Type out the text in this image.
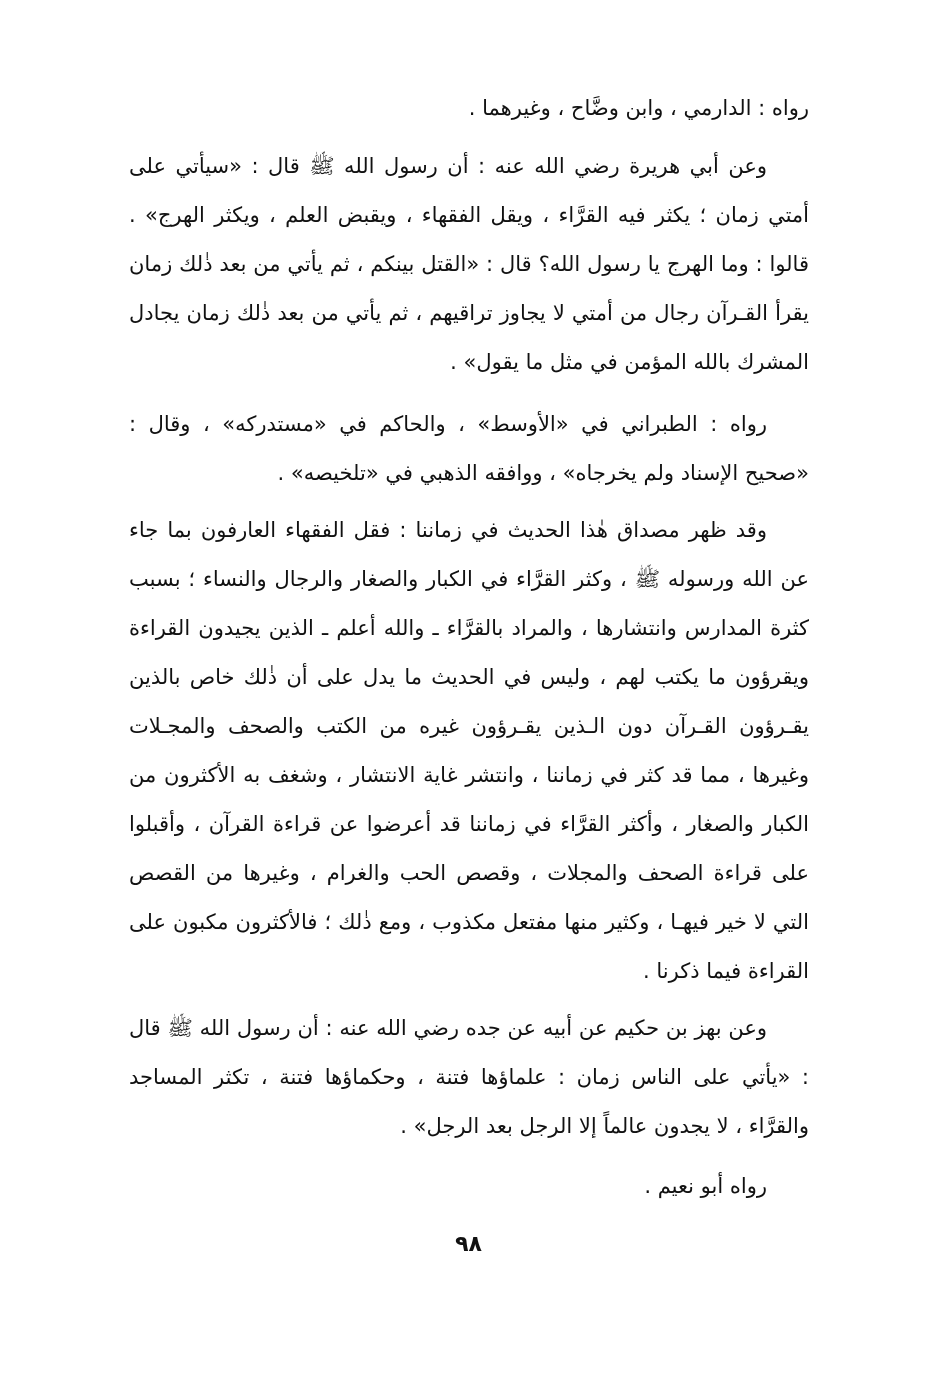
رواه : الدارمي ، وابن وضَّاح ، وغيرهما .

وعن أبي هريرة رضي الله عنه : أن رسول الله ﷺ قال : «سيأتي على أمتي زمان ؛ يكثر فيه القرَّاء ، ويقل الفقهاء ، ويقبض العلم ، ويكثر الهرج» . قالوا : وما الهرج يا رسول الله؟ قال : «القتل بينكم ، ثم يأتي من بعد ذٰلك زمان يقرأ القـرآن رجال من أمتي لا يجاوز تراقيهم ، ثم يأتي من بعد ذٰلك زمان يجادل المشرك بالله المؤمن في مثل ما يقول» .

رواه : الطبراني في «الأوسط» ، والحاكم في «مستدركه» ، وقال : «صحيح الإسناد ولم يخرجاه» ، ووافقه الذهبي في «تلخيصه» .

وقد ظهر مصداق هٰذا الحديث في زماننا : فقل الفقهاء العارفون بما جاء عن الله ورسوله ﷺ ، وكثر القرَّاء في الكبار والصغار والرجال والنساء ؛ بسبب كثرة المدارس وانتشارها ، والمراد بالقرَّاء ـ والله أعلم ـ الذين يجيدون القراءة ويقرؤون ما يكتب لهم ، وليس في الحديث ما يدل على أن ذٰلك خاص بالذين يقـرؤون القـرآن دون الـذين يقـرؤون غيره من الكتب والصحف والمجـلات وغيرها ، مما قد كثر في زماننا ، وانتشر غاية الانتشار ، وشغف به الأكثرون من الكبار والصغار ، وأكثر القرَّاء في زماننا قد أعرضوا عن قراءة القرآن ، وأقبلوا على قراءة الصحف والمجلات ، وقصص الحب والغرام ، وغيرها من القصص التي لا خير فيهـا ، وكثير منها مفتعل مكذوب ، ومع ذٰلك ؛ فالأكثرون مكبون على القراءة فيما ذكرنا .

وعن بهز بن حكيم عن أبيه عن جده رضي الله عنه : أن رسول الله ﷺ قال : «يأتي على الناس زمان : علماؤها فتنة ، وحكماؤها فتنة ، تكثر المساجد والقرَّاء ، لا يجدون عالماً إلا الرجل بعد الرجل» .

رواه أبو نعيم .

٩٨
